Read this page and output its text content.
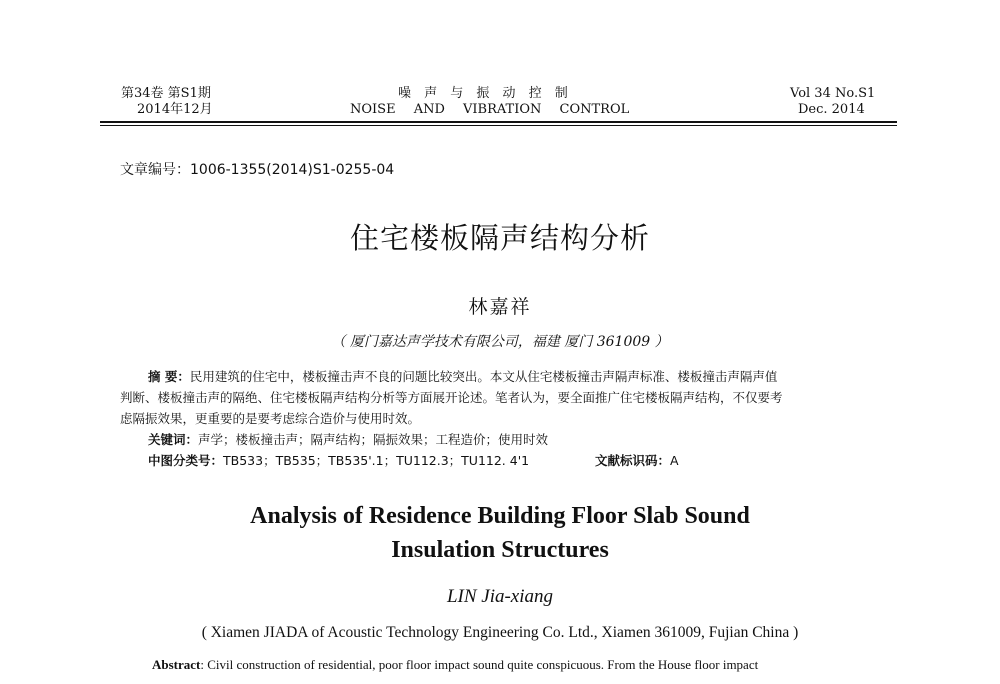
第34卷 第S1期
2014年12月
噪 声 与 振 动 控 制
NOISE AND VIBRATION CONTROL
Vol 34 No.S1
Dec. 2014
文章编号：1006-1355(2014)S1-0255-04
住宅楼板隔声结构分析
林嘉祥
（ 厦门嘉达声学技术有限公司，福建 厦门 361009 ）
摘 要：民用建筑的住宅中，楼板撞击声不良的问题比较突出。本文从住宅楼板撞击声隔声标准、楼板撞击声隔声值
判断、楼板撞击声的隔绝、住宅楼板隔声结构分析等方面展开论述。笔者认为，要全面推广住宅楼板隔声结构，不仅要考
虑隔振效果，更重要的是要考虑综合造价与使用时效。
关键词：声学；楼板撞击声；隔声结构；隔振效果；工程造价；使用时效
中图分类号：TB533；TB535；TB535'.1；TU112.3；TU112. 4'1	文献标识码：A
Analysis of Residence Building Floor Slab Sound
Insulation Structures
LIN Jia-xiang
( Xiamen JIADA of Acoustic Technology Engineering Co. Ltd., Xiamen 361009, Fujian China )
Abstract: Civil construction of residential, poor floor impact sound quite conspicuous. From the House floor impact
